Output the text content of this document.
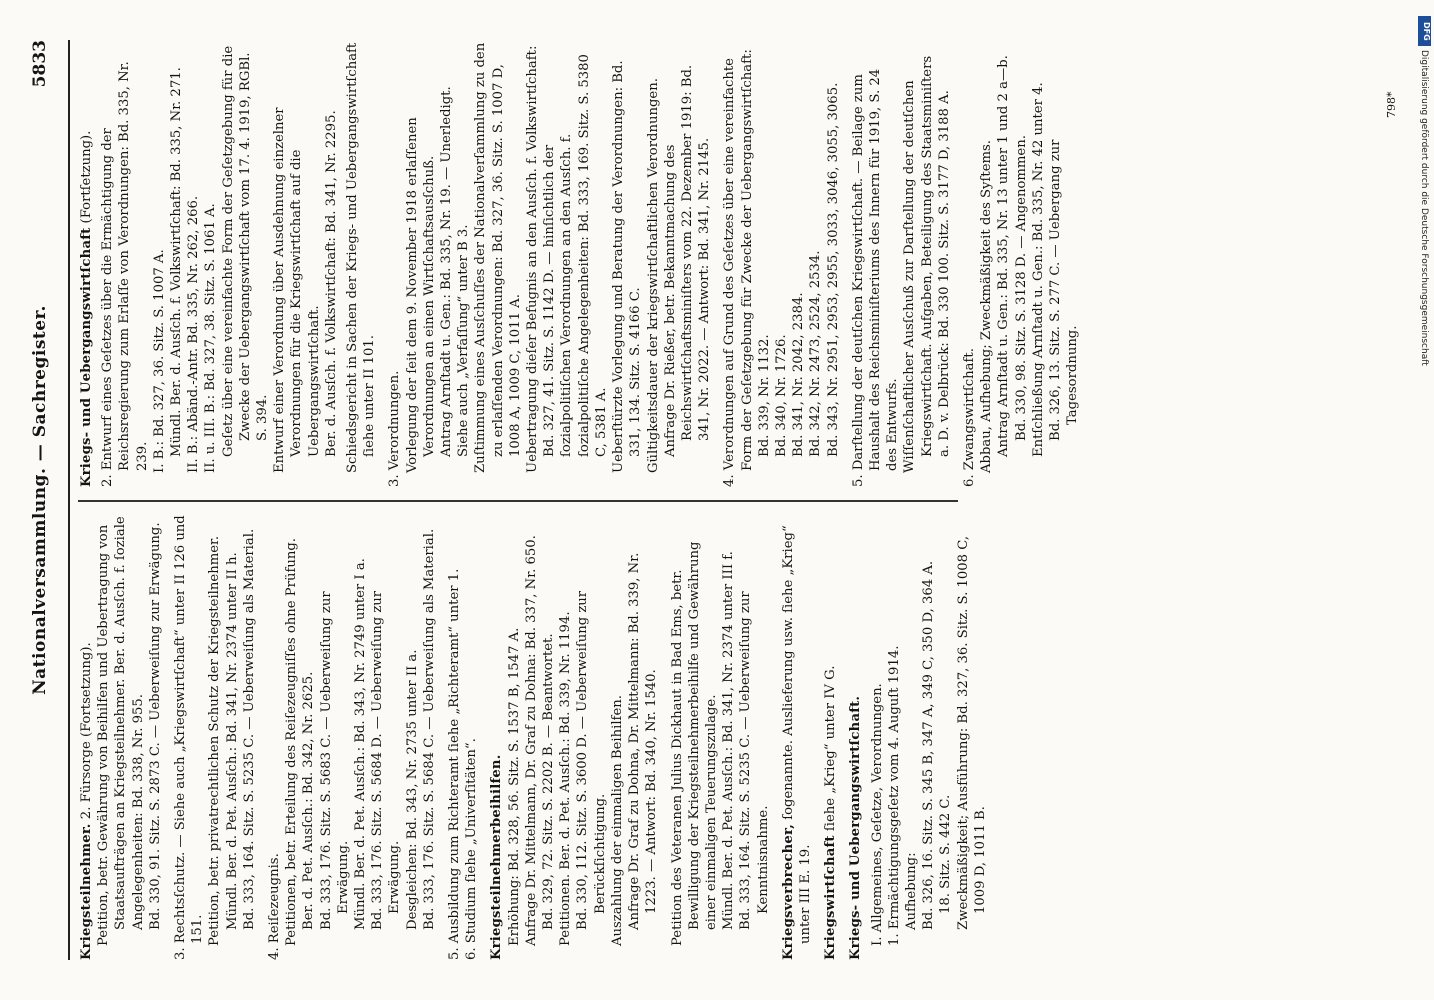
Nationalversammlung. — Sachregister.
5833
Kriegsteilnehmer. 2. Fürsorge (Fortsetzung). Petition, betr. Gewährung von Beihilfen und Uebertragung von Staatsaufträgen an Kriegsteilnehmer. Ber. d. Ausſch. f. ſoziale Angelegenheiten: Bd. 338, Nr. 955. Bd. 330, 91. Sitz. S. 2873 C. — Ueberweiſung zur Erwägung. 3. Rechtsſchutz. — Siehe auch „Kriegswirtſchaft“ unter II 126 und 151. Petition, betr. privatrechtlichen Schutz der Kriegsteilnehmer. Mündl. Ber. d. Pet. Ausſch.: Bd. 341, Nr. 2374 unter II h. Bd. 333, 164. Sitz. S. 5235 C. — Ueberweiſung als Material. 4. Reiſezeugnis. Petitionen, betr. Erteilung des Reiſezeugniſſes ohne Prüfung. Ber. d. Pet. Ausſch.: Bd. 342, Nr. 2625. Bd. 333, 176. Sitz. S. 5683 C. — Ueberweiſung zur Erwägung. Mündl. Ber. d. Pet. Ausſch.: Bd. 343, Nr. 2749 unter I a. Bd. 333, 176. Sitz. S. 5684 D. — Ueberweiſung zur Erwägung. Desgleichen: Bd. 343, Nr. 2735 unter II a. Bd. 333, 176. Sitz. S. 5684 C. — Ueberweiſung als Material. 5. Ausbildung zum Richteramt ſiehe „Richteramt“ unter 1. 6. Studium ſiehe „Univerſitäten“. Kriegsteilnehmerbeihilfen. Erhöhung: Bd. 328, 56. Sitz. S. 1537 B, 1547 A. Anfrage Dr. Mittelmann, Dr. Graf zu Dohna: Bd. 337, Nr. 650. Bd. 329, 72. Sitz. S. 2202 B. — Beantwortet. Petitionen. Ber. d. Pet. Ausſch.: Bd. 339, Nr. 1194. Bd. 330, 112. Sitz. S. 3600 D. — Ueberweiſung zur Berückſichtigung. Auszahlung der einmaligen Beihilfen. Anfrage Dr. Graf zu Dohna, Dr. Mittelmann: Bd. 339, Nr. 1223. — Antwort: Bd. 340, Nr. 1540. Petition des Veteranen Julius Dickhaut in Bad Ems, betr. Bewilligung der Kriegsteilnehmerbeihilfe und Gewährung einer einmaligen Teuerungszulage. Mündl. Ber. d. Pet. Ausſch.: Bd. 341, Nr. 2374 unter III f. Bd. 333, 164. Sitz. S. 5235 C. — Ueberweiſung zur Kenntnisnahme. Kriegsverbrecher, ſogenannte. Auslieferung usw. ſiehe „Krieg“ unter III E. 19. Kriegswirtſchaft ſiehe „Krieg“ unter IV G. Kriegs- und Uebergangswirtſchaft. I. Allgemeines, Geſetze, Verordnungen. 1. Ermächtigungsgeſetz vom 4. Auguſt 1914. Aufhebung: Bd. 326, 16. Sitz. S. 345 B, 347 A, 349 C, 350 D, 364 A. 18. Sitz. S. 442 C. Zweckmäßigkeit; Ausführung: Bd. 327, 36. Sitz. S. 1008 C, 1009 D, 1011 B.
Kriegs- und Uebergangswirtſchaft (Fortſetzung). 2. Entwurf eines Geſetzes über die Ermächtigung der Reichsregierung zum Erlaſſe von Verordnungen: Bd. 335, Nr. 239. I. B.: Bd. 327, 36. Sitz. S. 1007 A. Mündl. Ber. d. Ausſch. f. Volkswirtſchaft: Bd. 335, Nr. 271. II. B.: Abänd.-Antr. Bd. 335, Nr. 262, 266. II. u. III. B.: Bd. 327, 38. Sitz. S. 1061 A. Geſetz über eine vereinfachte Form der Geſetzgebung für die Zwecke der Uebergangswirtſchaft vom 17. 4. 1919, RGBl. S. 394. Entwurf einer Verordnung über Ausdehnung einzelner Verordnungen für die Kriegswirtſchaft auf die Uebergangswirtſchaft. Ber. d. Ausſch. f. Volkswirtſchaft: Bd. 341, Nr. 2295. Schiedsgericht in Sachen der Kriegs- und Uebergangswirtſchaft ſiehe unter II 101. 3. Verordnungen. Vorlegung der ſeit dem 9. November 1918 erlaſſenen Verordnungen an einen Wirtſchaftsausſchuß. Antrag Arnſtadt u. Gen.: Bd. 335, Nr. 19. — Unerledigt. Siehe auch „Verfaſſung“ unter B 3. Zuſtimmung eines Ausſchuſſes der Nationalverſammlung zu den zu erlaſſenden Verordnungen: Bd. 327, 36. Sitz. S. 1007 D, 1008 A, 1009 C, 1011 A. Uebertragung dieſer Befugnis an den Ausſch. f. Volkswirtſchaft: Bd. 327, 41. Sitz. S. 1142 D. — hinſichtlich der ſozialpolitiſchen Verordnungen an den Ausſch. f. ſozialpolitiſche Angelegenheiten: Bd. 333, 169. Sitz. S. 5380 C, 5381 A. Ueberſtürzte Vorlegung und Beratung der Verordnungen: Bd. 331, 134. Sitz. S. 4166 C. Gültigkeitsdauer der kriegswirtſchaftlichen Verordnungen. Anfrage Dr. Rießer, betr. Bekanntmachung des Reichswirtſchaftsminiſters vom 22. Dezember 1919: Bd. 341, Nr. 2022. — Antwort: Bd. 341, Nr. 2145. 4. Verordnungen auf Grund des Geſetzes über eine vereinfachte Form der Geſetzgebung für Zwecke der Uebergangswirtſchaft: Bd. 339, Nr. 1132. Bd. 340, Nr. 1726. Bd. 341, Nr. 2042, 2384. Bd. 342, Nr. 2473, 2524, 2534. Bd. 343, Nr. 2951, 2953, 2955, 3033, 3046, 3055, 3065. 5. Darſtellung der deutſchen Kriegswirtſchaft. — Beilage zum Haushalt des Reichsminiſteriums des Innern für 1919, S. 24 des Entwurfs. Wiſſenſchaftlicher Ausſchuß zur Darſtellung der deutſchen Kriegswirtſchaft. Aufgaben, Beteiligung des Staatsminiſters a. D. v. Delbrück: Bd. 330 100. Sitz. S. 3177 D, 3188 A. 6. Zwangswirtſchaft. Abbau, Aufhebung; Zweckmäßigkeit des Syſtems. Antrag Arnſtadt u. Gen.: Bd. 335, Nr. 13 unter 1 und 2 a—b. Bd. 330, 98. Sitz. S. 3128 D. — Angenommen. Entſchließung Arnſtadt u. Gen.: Bd. 335, Nr. 42 unter 4. Bd. 326, 13. Sitz. S. 277 C. — Uebergang zur Tagesordnung.
798*
DFG
Digitalisierung gefördert durch die Deutsche Forschungsgemeinschaft
